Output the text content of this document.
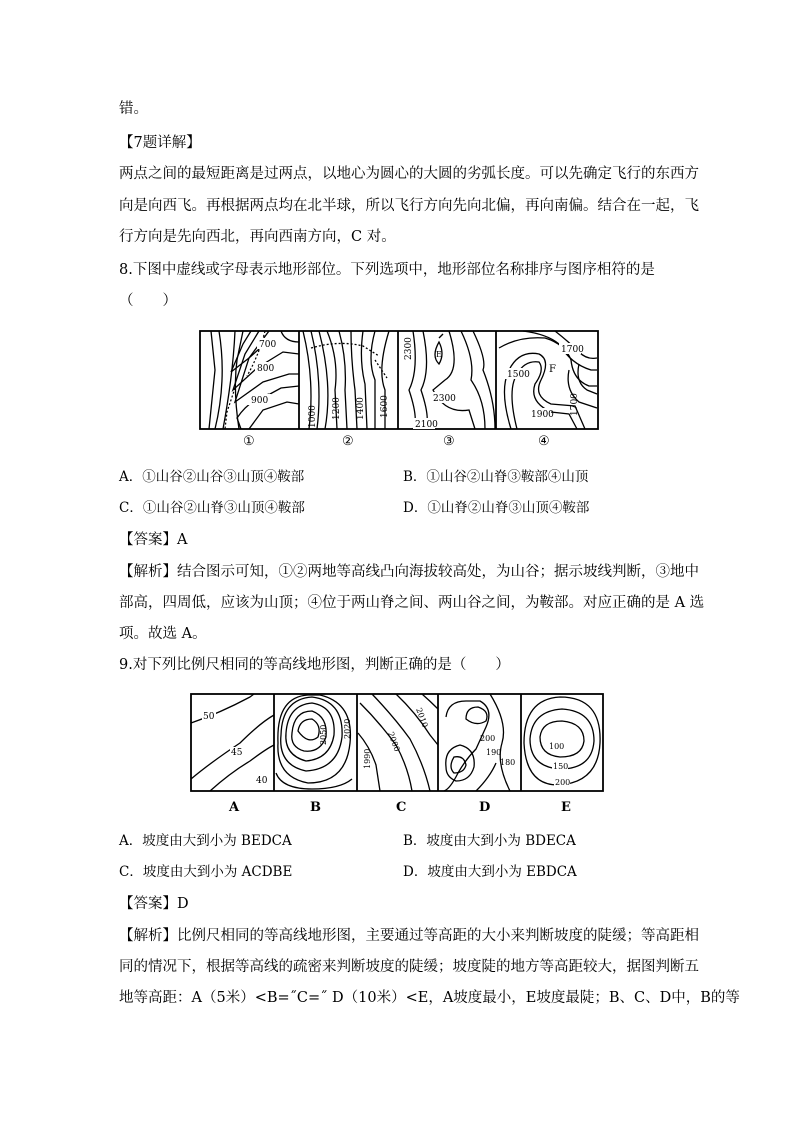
错。
【7题详解】
两点之间的最短距离是过两点，以地心为圆心的大圆的劣弧长度。可以先确定飞行的东西方
向是向西飞。再根据两点均在北半球，所以飞行方向先向北偏，再向南偏。结合在一起，飞
行方向是先向西北，再向西南方向，C 对。
8.下图中虚线或字母表示地形部位。下列选项中，地形部位名称排序与图序相符的是
（　　）
700
800
900
1000 1200 1400 1600
2300	E
2300
2100
1700
1500 F
1700
1900
①	②	③	④
A．①山谷②山谷③山顶④鞍部	B．①山谷②山脊③鞍部④山顶
C．①山谷②山脊③山顶④鞍部	D．①山脊②山脊③山顶④鞍部
【答案】A
【解析】结合图示可知，①②两地等高线凸向海拔较高处，为山谷；据示坡线判断，③地中
部高，四周低，应该为山顶；④位于两山脊之间、两山谷之间，为鞍部。对应正确的是 A 选
项。故选 A。
9.对下列比例尺相同的等高线地形图，判断正确的是（　　）
50
45
40
2050 2020
1990
2000
2010
200
190
180
100
150
200
A	B	C	D	E
A．坡度由大到小为 BEDCA	B．坡度由大到小为 BDECA
C．坡度由大到小为 ACDBE	D．坡度由大到小为 EBDCA
【答案】D
【解析】比例尺相同的等高线地形图，主要通过等高距的大小来判断坡度的陡缓；等高距相
同的情况下，根据等高线的疏密来判断坡度的陡缓；坡度陡的地方等高距较大，据图判断五
地等高距：A（5米）<B=˝C=˝ D（10米）<E，A坡度最小，E坡度最陡；B、C、D中，B的等
